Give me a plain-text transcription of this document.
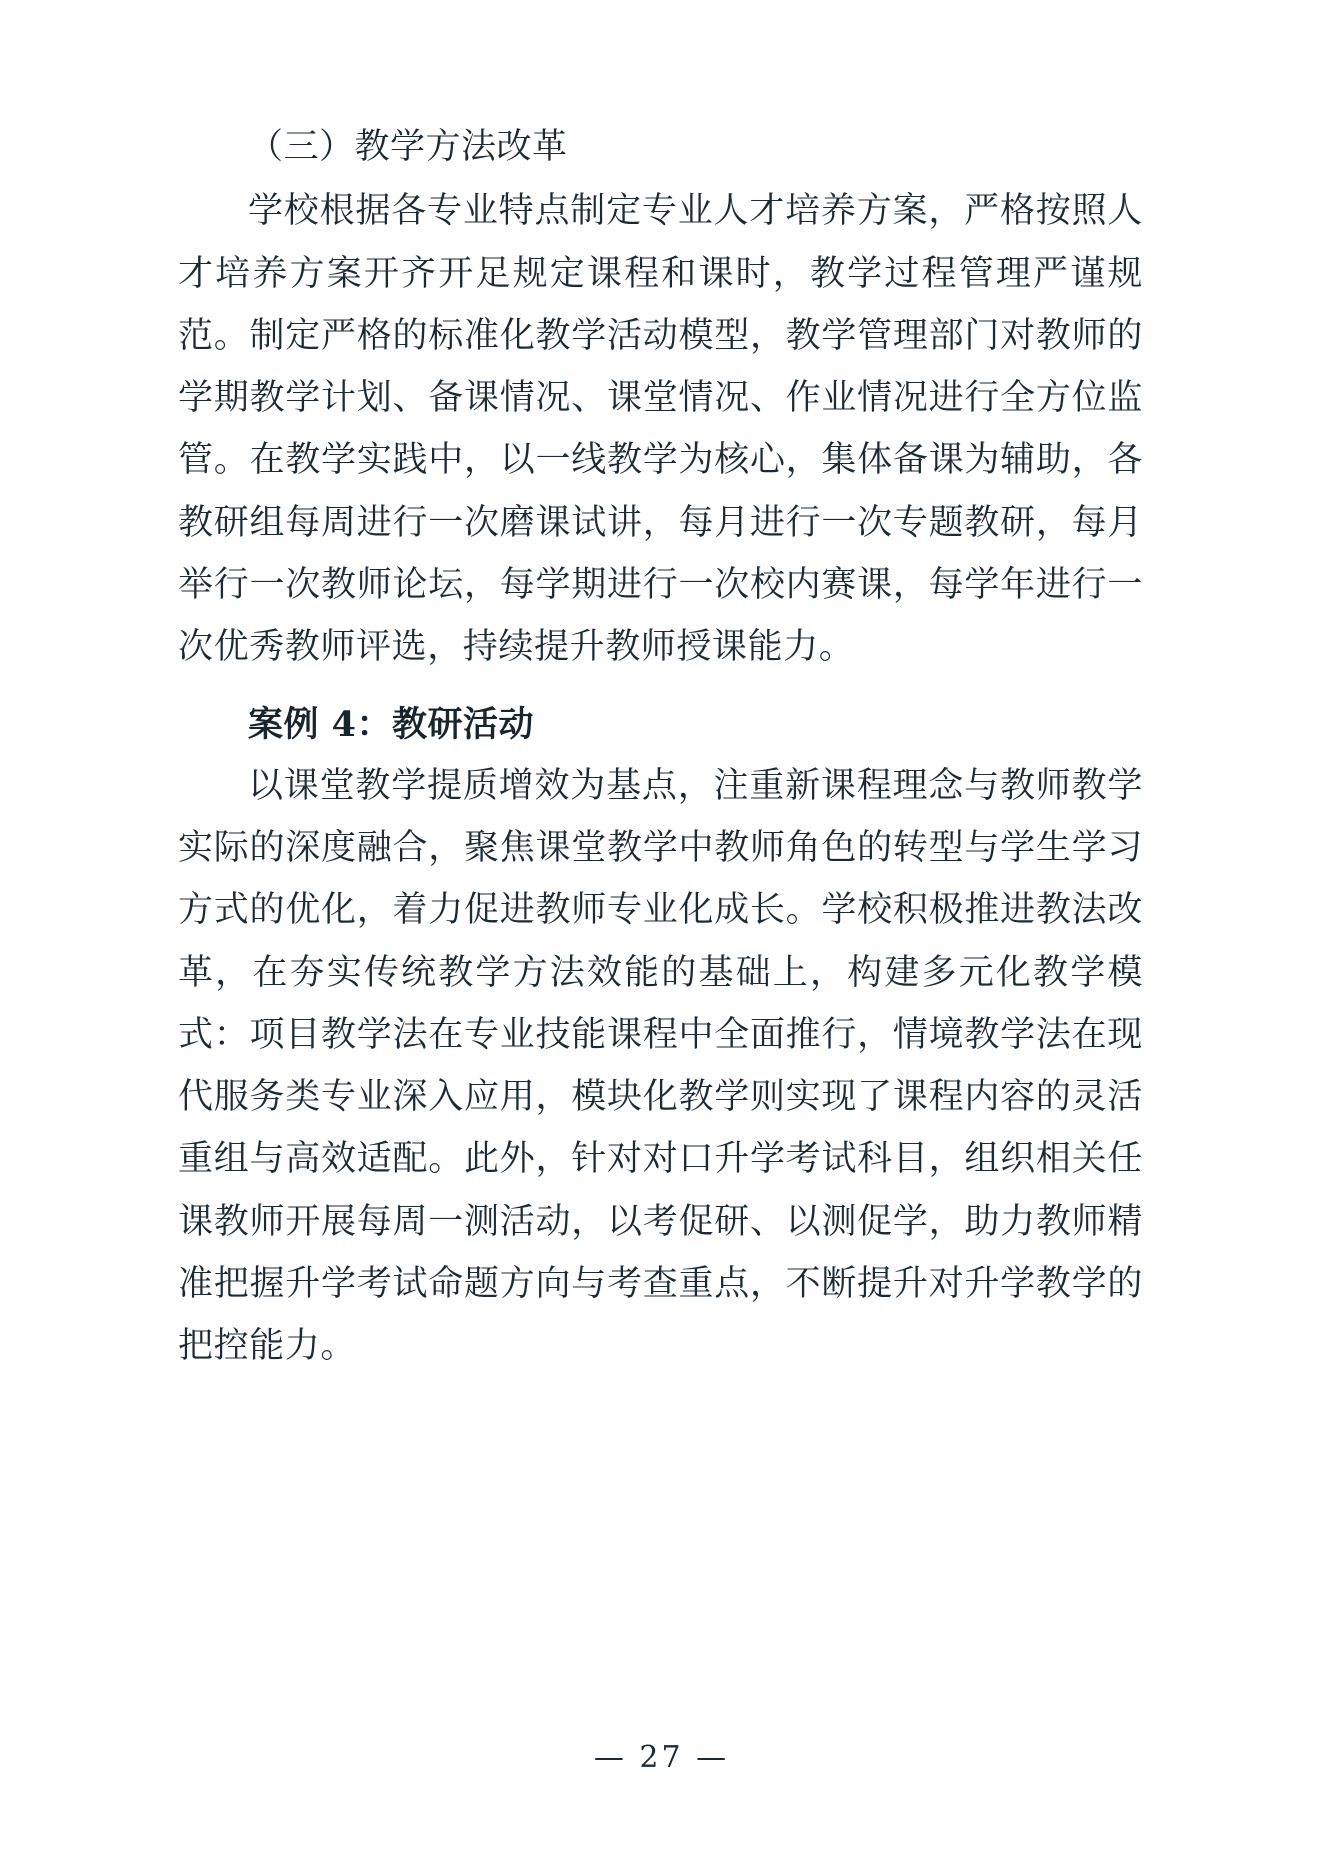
（三）教学方法改革

学校根据各专业特点制定专业人才培养方案，严格按照人才培养方案开齐开足规定课程和课时，教学过程管理严谨规范。制定严格的标准化教学活动模型，教学管理部门对教师的学期教学计划、备课情况、课堂情况、作业情况进行全方位监管。在教学实践中，以一线教学为核心，集体备课为辅助，各教研组每周进行一次磨课试讲，每月进行一次专题教研，每月举行一次教师论坛，每学期进行一次校内赛课，每学年进行一次优秀教师评选，持续提升教师授课能力。

案例 4：教研活动

以课堂教学提质增效为基点，注重新课程理念与教师教学实际的深度融合，聚焦课堂教学中教师角色的转型与学生学习方式的优化，着力促进教师专业化成长。学校积极推进教法改革，在夯实传统教学方法效能的基础上，构建多元化教学模式：项目教学法在专业技能课程中全面推行，情境教学法在现代服务类专业深入应用，模块化教学则实现了课程内容的灵活重组与高效适配。此外，针对对口升学考试科目，组织相关任课教师开展每周一测活动，以考促研、以测促学，助力教师精准把握升学考试命题方向与考查重点，不断提升对升学教学的把控能力。

— 27 —
